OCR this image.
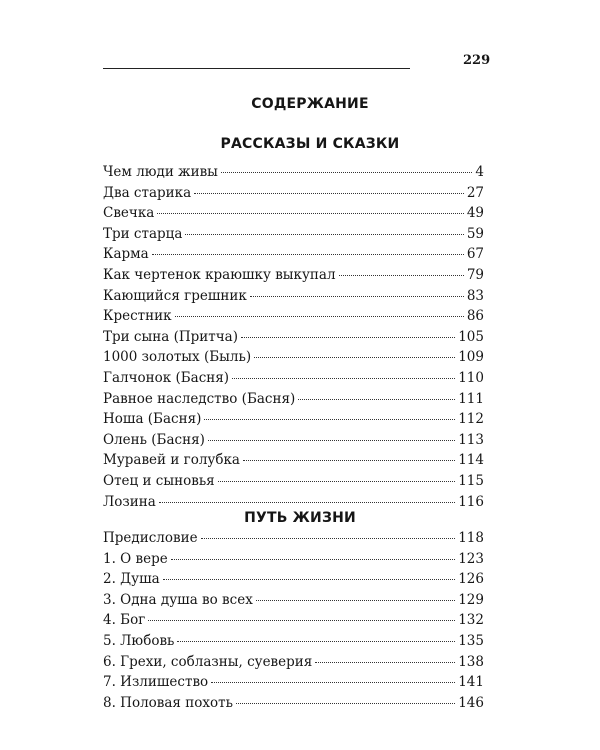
229
СОДЕРЖАНИЕ
РАССКАЗЫ И СКАЗКИ
Чем люди живы	4
Два старика	27
Свечка	49
Три старца	59
Карма	67
Как чертенок краюшку выкупал	79
Кающийся грешник	83
Крестник	86
Три сына (Притча)	105
1000 золотых (Быль)	109
Галчонок (Басня)	110
Равное наследство (Басня)	111
Ноша (Басня)	112
Олень (Басня)	113
Муравей и голубка	114
Отец и сыновья	115
Лозина	116
ПУТЬ ЖИЗНИ
Предисловие	118
1. О вере	123
2. Душа	126
3. Одна душа во всех	129
4. Бог	132
5. Любовь	135
6. Грехи, соблазны, суеверия	138
7. Излишество	141
8. Половая похоть	146
